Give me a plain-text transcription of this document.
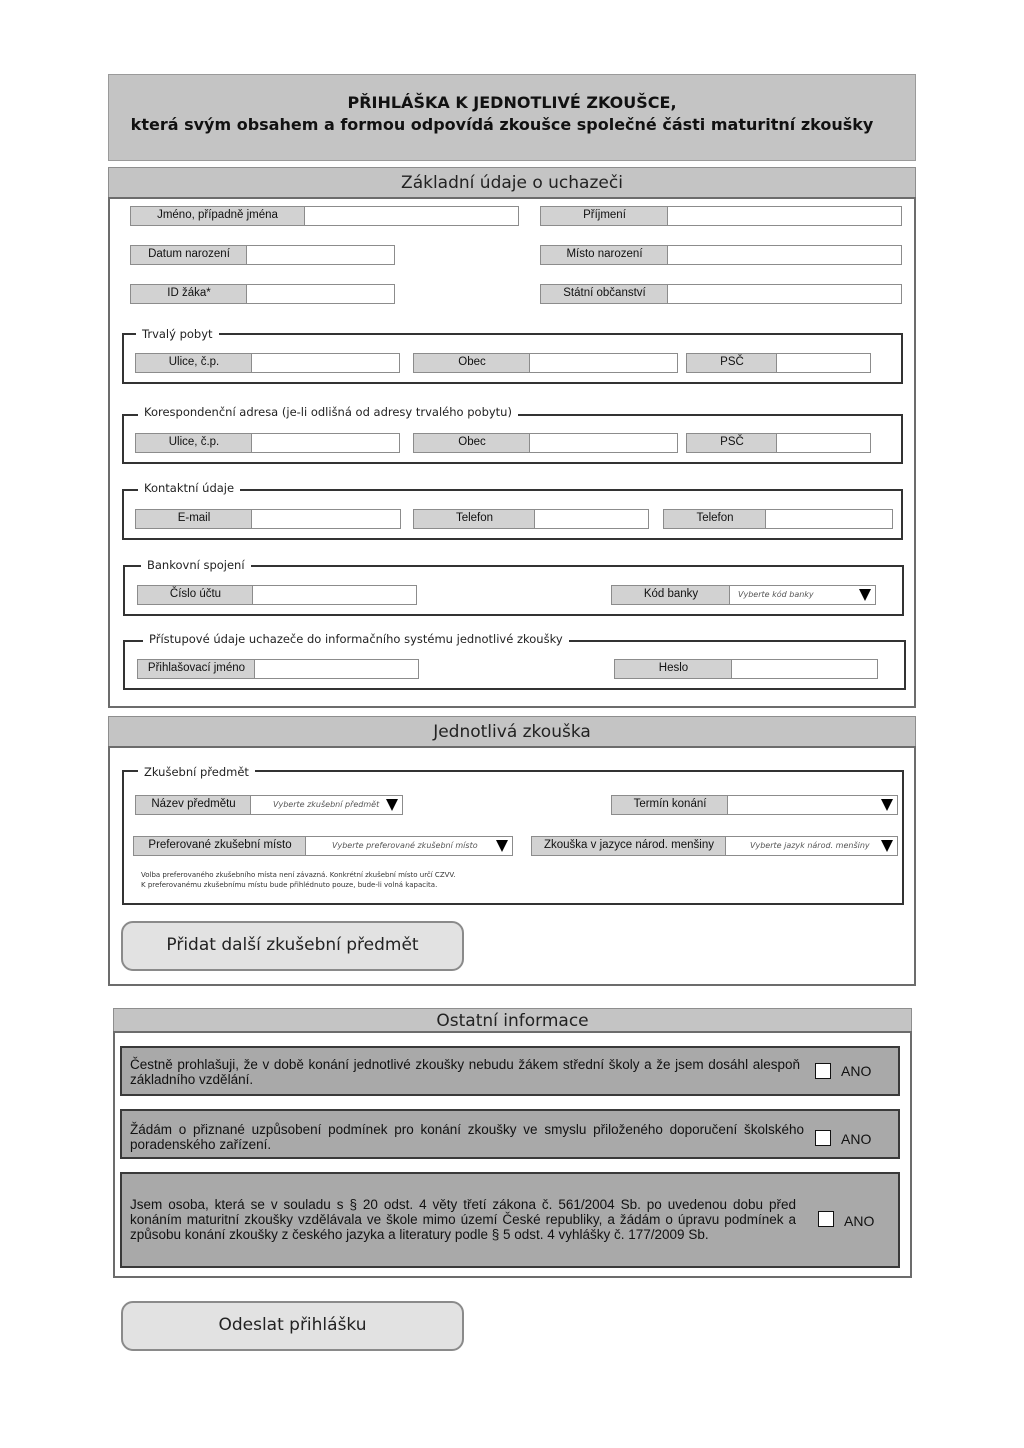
PŘIHLÁŠKA K JEDNOTLIVÉ ZKOUŠCE,
která svým obsahem a formou odpovídá zkoušce společné části maturitní zkoušky
Základní údaje o uchazeči
Jméno, případně jména	Příjmení
Datum narození	Místo narození
ID žáka*	Státní občanství
Trvalý pobyt
Ulice, č.p.	Obec	PSČ
Korespondenční adresa (je-li odlišná od adresy trvalého pobytu)
Ulice, č.p.	Obec	PSČ
Kontaktní údaje
E-mail	Telefon	Telefon
Bankovní spojení
Číslo účtu	Kód banky	Vyberte kód banky
Přístupové údaje uchazeče do informačního systému jednotlivé zkoušky
Přihlašovací jméno	Heslo
Jednotlivá zkouška
Zkušební předmět
Název předmětu	Vyberte zkušební předmět	Termín konání
Preferované zkušební místo	Vyberte preferované zkušební místo	Zkouška v jazyce národ. menšiny	Vyberte jazyk národ. menšiny
Volba preferovaného zkušebního místa není závazná. Konkrétní zkušební místo určí CZVV.
K preferovanému zkušebnímu místu bude přihlédnuto pouze, bude-li volná kapacita.
Přidat další zkušební předmět
Ostatní informace
Čestně prohlašuji, že v době konání jednotlivé zkoušky nebudu žákem střední školy a že jsem dosáhl alespoň základního vzdělání.
ANO
Žádám o přiznané uzpůsobení podmínek pro konání zkoušky ve smyslu přiloženého doporučení školského poradenského zařízení.	ANO
Jsem osoba, která se v souladu s § 20 odst. 4 věty třetí zákona č. 561/2004 Sb. po uvedenou dobu před konáním maturitní zkoušky vzdělávala ve škole mimo území České republiky, a žádám o úpravu podmínek a způsobu konání zkoušky z českého jazyka a literatury podle § 5 odst. 4 vyhlášky č. 177/2009 Sb.
ANO
Odeslat přihlášku
